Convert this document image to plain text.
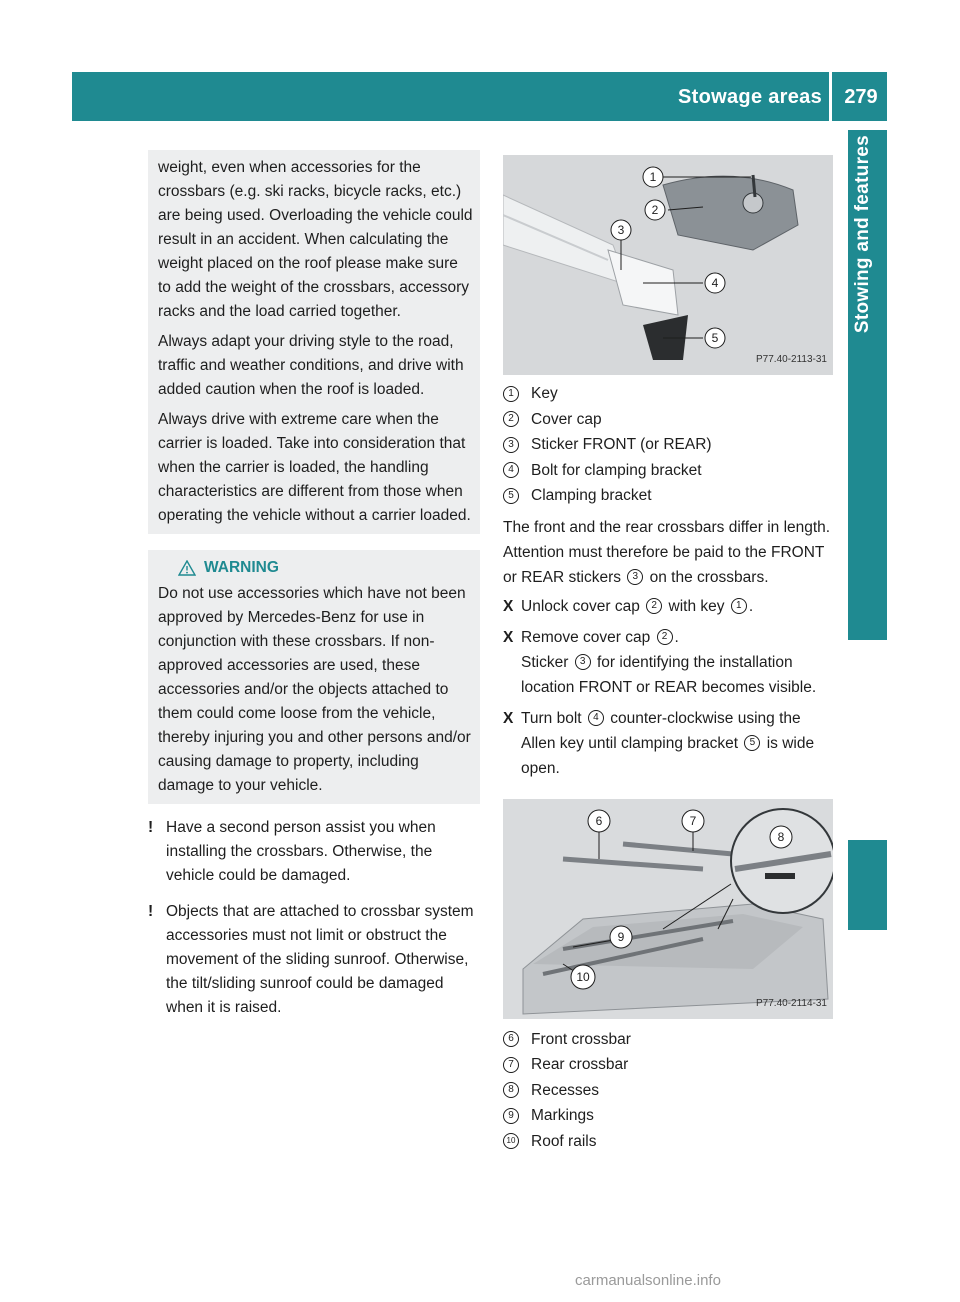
Stowage areas	279
Stowing and features

weight, even when accessories for the crossbars (e.g. ski racks, bicycle racks, etc.) are being used. Overloading the vehicle could result in an accident. When calculating the weight placed on the roof please make sure to add the weight of the crossbars, accessory racks and the load carried together.

Always adapt your driving style to the road, traffic and weather conditions, and drive with added caution when the roof is loaded.

Always drive with extreme care when the carrier is loaded. Take into consideration that when the carrier is loaded, the handling characteristics are different from those when operating the vehicle without a carrier loaded.

WARNING

Do not use accessories which have not been approved by Mercedes-Benz for use in conjunction with these crossbars. If non-approved accessories are used, these accessories and/or the objects attached to them could come loose from the vehicle, thereby injuring you and other persons and/or causing damage to property, including damage to your vehicle.

! Have a second person assist you when installing the crossbars. Otherwise, the vehicle could be damaged.
! Objects that are attached to crossbar system accessories must not limit or obstruct the movement of the sliding sunroof. Otherwise, the tilt/sliding sunroof could be damaged when it is raised.
1
2
3
4
5
P77.40-2113-31
1	Key
2	Cover cap
3	Sticker FRONT (or REAR)
4	Bolt for clamping bracket
5	Clamping bracket

The front and the rear crossbars differ in length. Attention must therefore be paid to the FRONT or REAR stickers 3 on the crossbars.

X Unlock cover cap 2 with key 1 .

X Remove cover cap 2 .
Sticker 3 for identifying the installation location FRONT or REAR becomes visible.

X Turn bolt 4 counter-clockwise using the Allen key until clamping bracket 5 is wide open.

6	7
8
9
10
P77.40-2114-31
6	Front crossbar
7	Rear crossbar
8	Recesses
9	Markings
10 Roof rails
carmanualsonline.info
